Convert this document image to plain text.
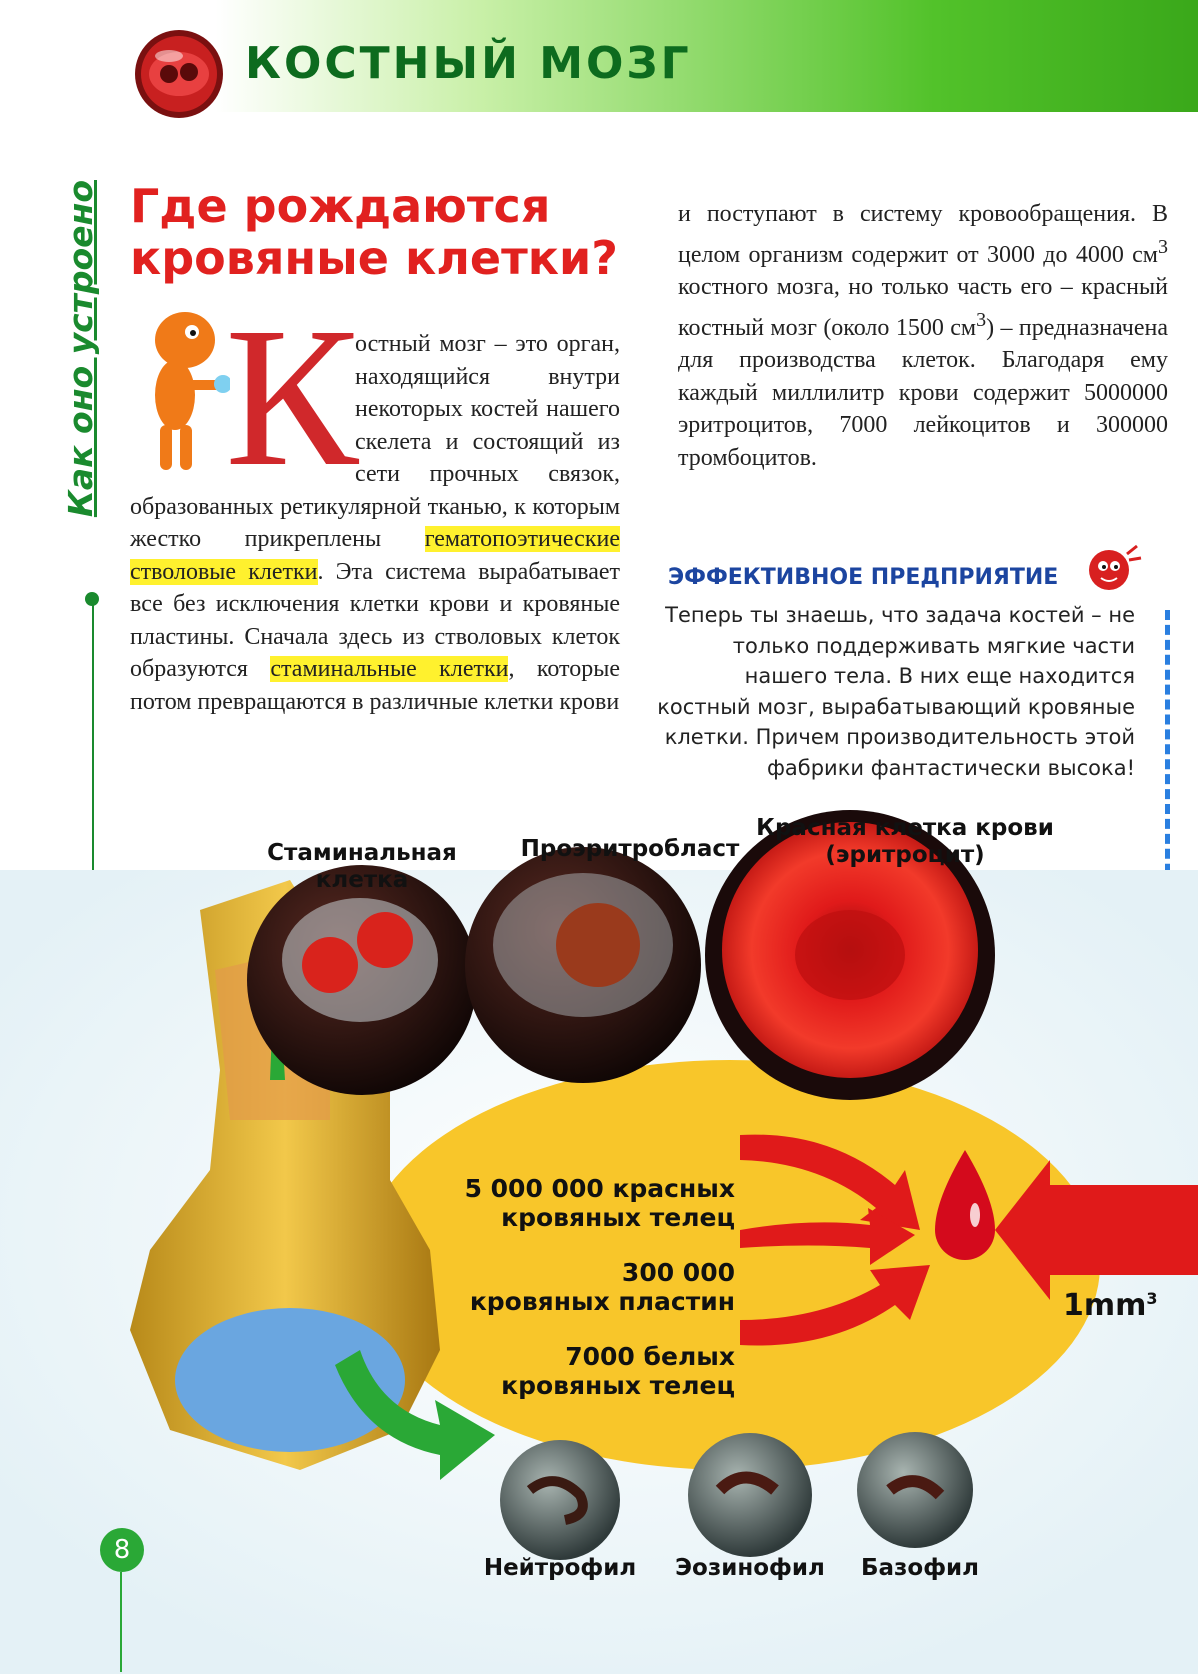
КОСТНЫЙ МОЗГ
Как оно устроено Где рождаются
кровяные клетки?
К
остный мозг – это орган, находящийся внутри некоторых костей нашего скелета и состоящий из сети прочных связок, образованных ретикулярной тканью, к которым жестко прикреплены гематопоэтические стволовые клетки. Эта система вырабатывает все без исключения клетки крови и кровяные пластины. Сначала здесь из стволовых клеток образуются стаминальные клетки, которые потом превращаются в различные клетки крови
и поступают в систему кровообращения. В целом организм содержит от 3000 до 4000 $см^3$ костного мозга, но только часть его – красный костный мозг (около 1500 $см^3$) – предназначена для производства клеток. Благодаря ему каждый миллилитр крови содержит 5000000 эритроцитов, 7000 лейкоцитов и 300000 тромбоцитов.
ЭФФЕКТИВНОЕ ПРЕДПРИЯТИЕ
Теперь ты знаешь, что задача костей – не только поддерживать мягкие части нашего тела. В них еще находится костный мозг, вырабатывающий кровяные клетки. Причем производительность этой фабрики фантастически высока!
Стаминальная
клетка
Проэритробласт
Красная клетка крови
(эритроцит)
5 000 000 красных
кровяных телец
300 000
кровяных пластин
7000 белых
кровяных телец
$1mm^3$
Нейтрофил	Эозинофил	Базофил
8
